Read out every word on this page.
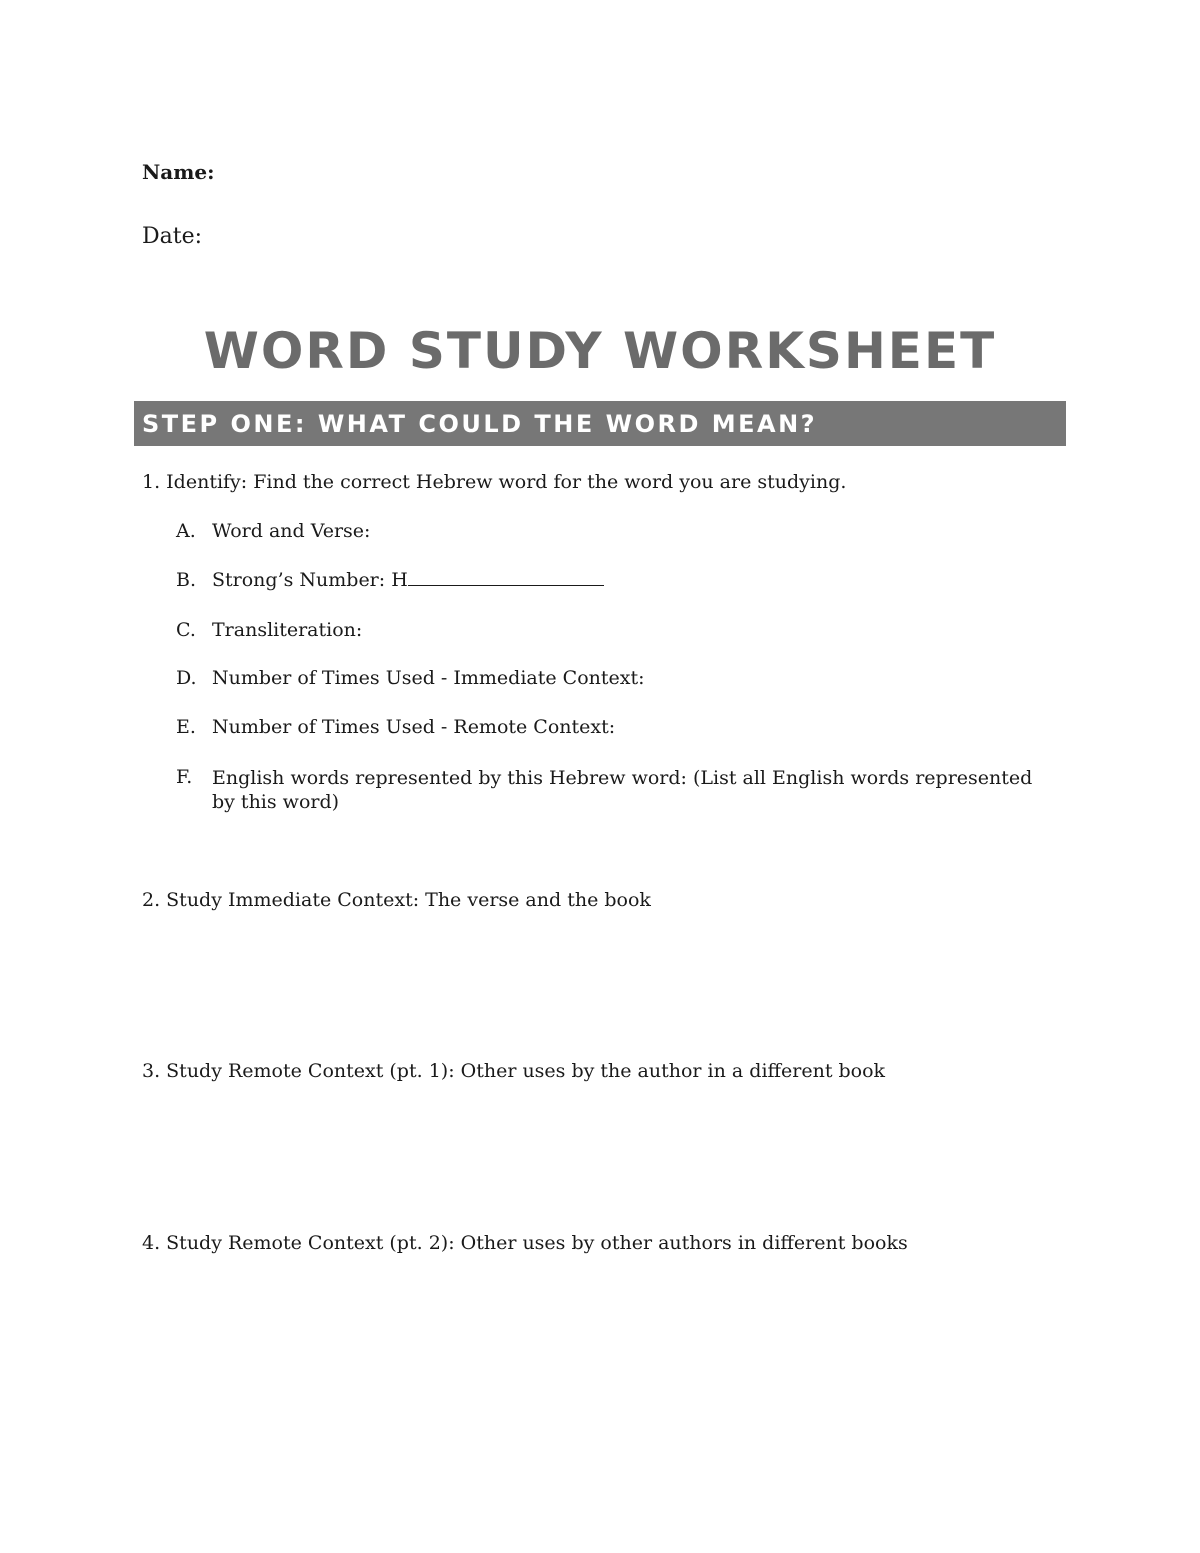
Name:
Date:
WORD STUDY WORKSHEET
STEP ONE: WHAT COULD THE WORD MEAN?
1. Identify: Find the correct Hebrew word for the word you are studying.
A. Word and Verse:
B. Strong’s Number: H
C. Transliteration:
D. Number of Times Used - Immediate Context:
E. Number of Times Used - Remote Context:
F. English words represented by this Hebrew word: (List all English words represented by this word)
2. Study Immediate Context: The verse and the book
3. Study Remote Context (pt. 1): Other uses by the author in a different book
4. Study Remote Context (pt. 2): Other uses by other authors in different books
